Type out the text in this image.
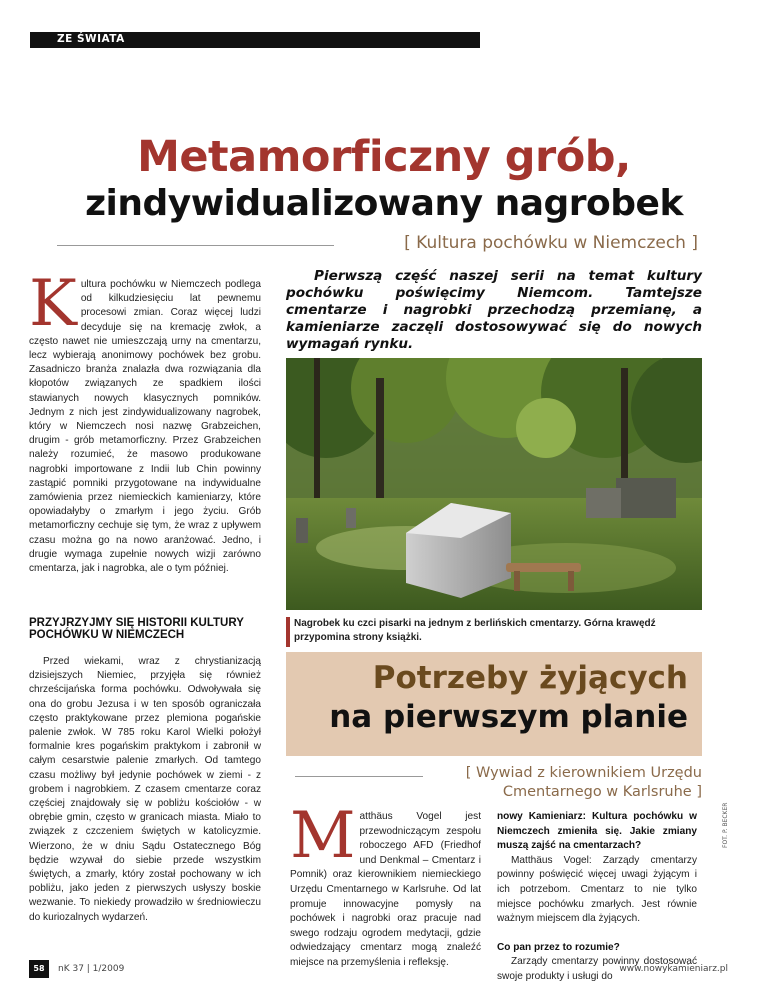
ZE ŚWIATA
Metamorficzny grób,
zindywidualizowany nagrobek
[ Kultura pochówku w Niemczech ]
K ultura pochówku w Niemczech podlega od kilkudziesięciu lat pewnemu procesowi zmian. Coraz więcej ludzi decyduje się na kremację zwłok, a często nawet nie umieszczają urny na cmentarzu, lecz wybierają anonimowy pochówek bez grobu. Zasadniczo branża znalazła dwa rozwiązania dla kłopotów związanych ze spadkiem ilości stawianych nowych klasycznych pomników. Jednym z nich jest zindywidualizowany nagrobek, który w Niemczech nosi nazwę Grabzeichen, drugim - grób metamorficzny. Przez Grabzeichen należy rozumieć, że masowo produkowane nagrobki importowane z Indii lub Chin powinny zastąpić pomniki przygotowane na indywidualne zamówienia przez niemieckich kamieniarzy, które opowiadałyby o zmarłym i jego życiu. Grób metamorficzny cechuje się tym, że wraz z upływem czasu można go na nowo aranżować. Jedno, i drugie wymaga zupełnie nowych wizji zarówno cmentarza, jak i nagrobka, ale o tym później.

PRZYJRZYJMY SIĘ HISTORII KULTURY POCHÓWKU W NIEMCZECH
Przed wiekami, wraz z chrystianizacją dzisiejszych Niemiec, przyjęła się również chrześcijańska forma pochówku. Odwoływała się ona do grobu Jezusa i w ten sposób ograniczała często praktykowane przez plemiona pogańskie palenie zwłok. W 785 roku Karol Wielki położył formalnie kres pogańskim praktykom i zabronił w całym cesarstwie palenie zmarłych. Od tamtego czasu możliwy był jedynie pochówek w ziemi - z grobem i nagrobkiem. Z czasem cmentarze coraz częściej znajdowały się w pobliżu kościołów - w obrębie gmin, często w granicach miasta. Miało to związek z czczeniem świętych w katolicyzmie. Wierzono, że w dniu Sądu Ostatecznego Bóg będzie wzywał do siebie przede wszystkim świętych, a zmarły, który został pochowany w ich pobliżu, jako jeden z pierwszych usłyszy boskie wezwanie. To niekiedy prowadziło w średniowieczu do kuriozalnych wydarzeń.
Pierwszą część naszej serii na temat kultury pochówku poświęcimy Niemcom. Tamtejsze cmentarze i nagrobki przechodzą przemianę, a kamieniarze zaczęli dostosowywać się do nowych wymagań rynku.
Nagrobek ku czci pisarki na jednym z berlińskich cmentarzy. Górna krawędź przypomina strony książki.
Potrzeby żyjących
na pierwszym planie
[ Wywiad z kierownikiem Urzędu Cmentarnego w Karlsruhe ]
M atthäus Vogel jest przewodniczącym zespołu roboczego AFD (Friedhof und Denkmal – Cmentarz i Pomnik) oraz kierownikiem niemieckiego Urzędu Cmentarnego w Karlsruhe. Od lat promuje innowacyjne pomysły na pochówek i nagrobki oraz pracuje nad swego rodzaju ogrodem medytacji, gdzie odwiedzający cmentarz mogą znaleźć miejsce na przemyślenia i refleksję.

nowy Kamieniarz: Kultura pochówku w Niemczech zmieniła się. Jakie zmiany muszą zajść na cmentarzach?

Matthäus Vogel: Zarządy cmentarzy powinny poświęcić więcej uwagi żyjącym i ich potrzebom. Cmentarz to nie tylko miejsce pochówku zmarłych. Jest równie ważnym miejscem dla żyjących.

Co pan przez to rozumie?

Zarządy cmentarzy powinny dostosować swoje produkty i usługi do

FOT. P. BECKER
58	nK 37 | 1/2009	www.nowykamieniarz.pl
